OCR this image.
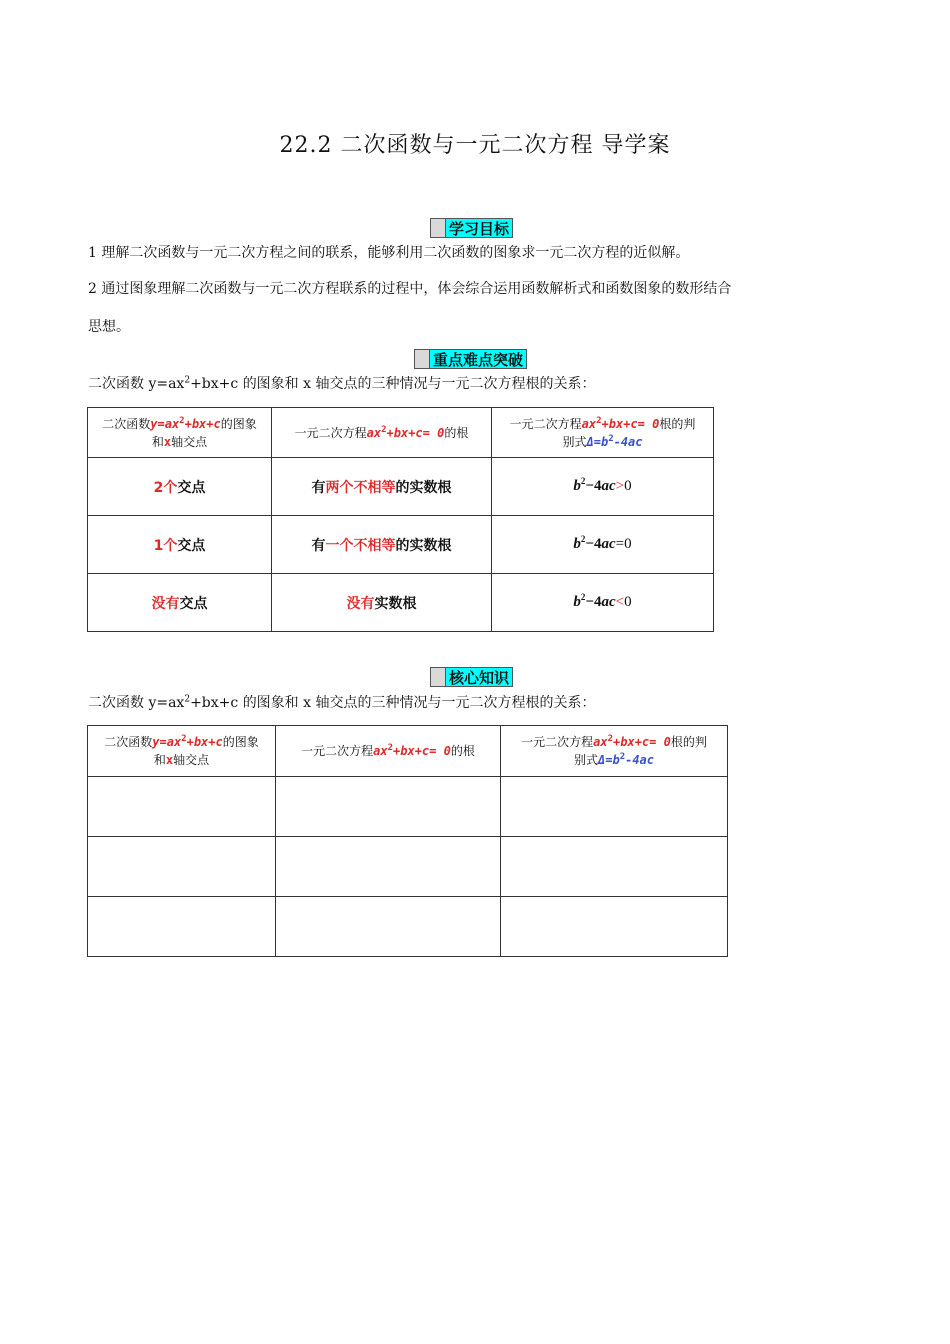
22.2 二次函数与一元二次方程 导学案
学习目标
1 理解二次函数与一元二次方程之间的联系，能够利用二次函数的图象求一元二次方程的近似解。
2 通过图象理解二次函数与一元二次方程联系的过程中，体会综合运用函数解析式和函数图象的数形结合
思想。
重点难点突破
二次函数 $y=ax^2+bx+c$ 的图象和 x 轴交点的三种情况与一元二次方程根的关系：
二次函数$y=ax^2+bx+c$的图象
和x轴交点	一元二次方程$ax^2+bx+c= 0$的根	一元二次方程$ax^2+bx+c= 0$根的判
别式$\Delta=b^2-4ac$
2个交点	有两个不相等的实数根	$b^2-4ac>0$
1个交点	有一个不相等的实数根	$b^2-4ac=0$
没有交点	没有实数根	$b^2-4ac<0$
核心知识
二次函数 $y=ax^2+bx+c$ 的图象和 x 轴交点的三种情况与一元二次方程根的关系：
二次函数$y=ax^2+bx+c$的图象
和x轴交点	一元二次方程$ax^2+bx+c= 0$的根	一元二次方程$ax^2+bx+c= 0$根的判
别式$\Delta=b^2-4ac$
